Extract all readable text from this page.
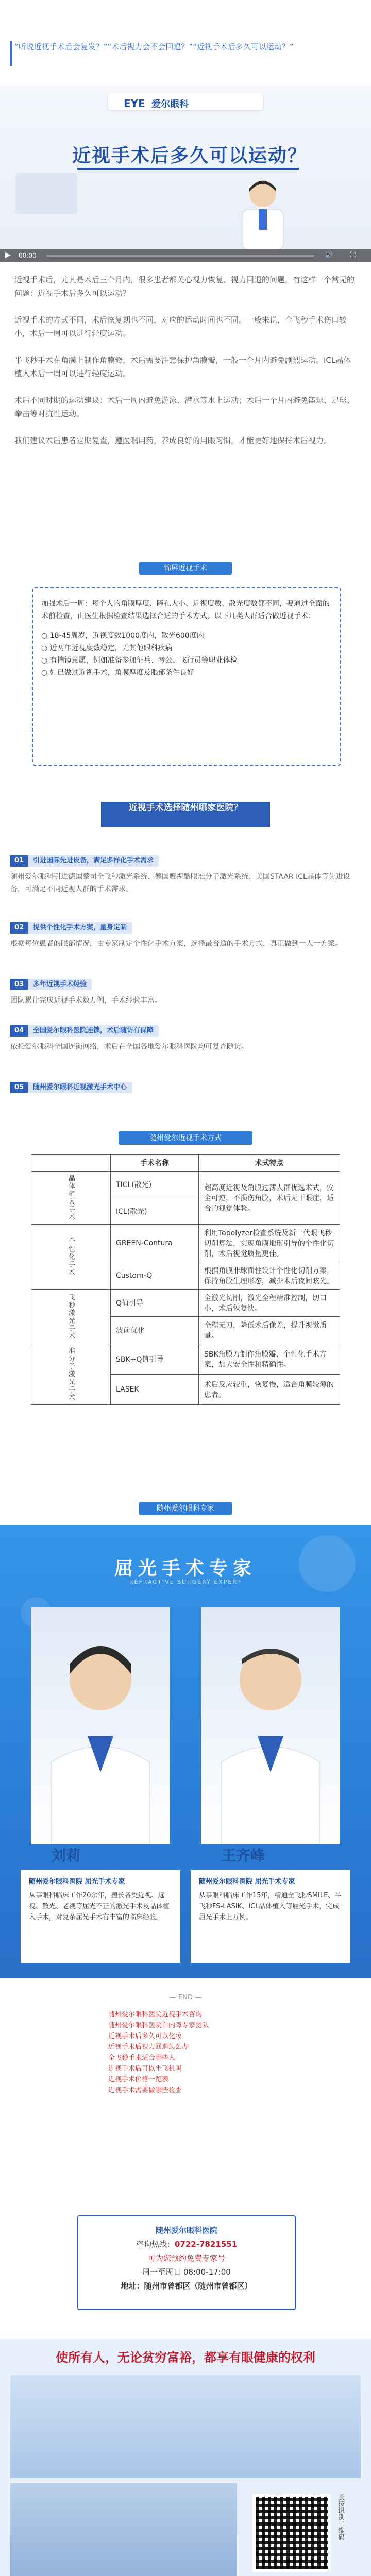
“听说近视手术后会复发？”“术后视力会不会回退？”“近视手术后多久可以运动？”
EYE 爱尔眼科
近视手术后多久可以运动？
▶ 00:00	🔊 ⛶

近视手术后，尤其是术后三个月内，很多患者都关心视力恢复、视力回退的问题，有这样一个常见的问题：近视手术后多久可以运动？

近视手术的方式不同，术后恢复期也不同，对应的运动时间也不同。一般来说，全飞秒手术伤口较小，术后一周可以进行轻度运动。

半飞秒手术在角膜上制作角膜瓣，术后需要注意保护角膜瓣，一般一个月内避免剧烈运动。ICL晶体植入术后一周可以进行轻度运动。

术后不同时期的运动建议：术后一周内避免游泳、潜水等水上运动；术后一个月内避免篮球、足球、拳击等对抗性运动。

我们建议术后患者定期复查，遵医嘱用药，养成良好的用眼习惯，才能更好地保持术后视力。

锦屏近视手术
加强术后一周：每个人的角膜厚度、瞳孔大小、近视度数、散光度数都不同，要通过全面的术前检查，由医生根据检查结果选择合适的手术方式。以下几类人群适合做近视手术：
○ 18-45周岁，近视度数1000度内，散光600度内
○ 近两年近视度数稳定，无其他眼科疾病
○ 有摘镜意愿，例如准备参加征兵、考公、飞行员等职业体检
○ 如已做过近视手术，角膜厚度及眼部条件良好
近视手术选择随州哪家医院？
01	引进国际先进设备，满足多样化手术需求

随州爱尔眼科引进德国蔡司全飞秒激光系统、德国鹰视酷眼准分子激光系统、美国STAAR ICL晶体等先进设备，可满足不同近视人群的手术需求。

02	提供个性化手术方案，量身定制

根据每位患者的眼部情况，由专家制定个性化手术方案，选择最合适的手术方式，真正做到一人一方案。

03	多年近视手术经验

团队累计完成近视手术数万例，手术经验丰富。

04	全国爱尔眼科医院连锁，术后随访有保障

依托爱尔眼科全国连锁网络，术后在全国各地爱尔眼科医院均可复查随访。

05	随州爱尔眼科近视激光手术中心
随州爱尔近视手术方式
	手术名称	术式特点
晶体植入手术	TICL(散光)	超高度近视及角膜过薄人群优选术式，安全可逆，不损伤角膜，术后无干眼症，适合的视觉体验。
	ICL(散光)	
个性化手术	GREEN-Contura	利用Topolyzer检查系统及新一代眼飞秒切削算法，实现角膜地形引导的个性化切削，术后视觉质量更佳。
	Custom-Q	根据角膜非球面性设计个性化切削方案，保持角膜生理形态，减少术后夜间眩光。
飞秒激光手术	Q值引导	全激光切削，激光全程精准控制，切口小，术后恢复快。
	波前优化	全程无刀，降低术后像差，提升视觉质量。
准分子激光手术	SBK+Q值引导	SBK角膜刀制作角膜瓣，个性化手术方案，加大安全性和精确性。
	LASEK	术后反应较重，恢复慢，适合角膜较薄的患者。
随州爱尔眼科专家
屈光手术专家
REFRACTIVE SURGERY EXPERT
刘莉
随州爱尔眼科医院 屈光手术专家
从事眼科临床工作20余年，擅长各类近视、远视、散光、老视等屈光不正的激光手术及晶体植入手术，对复杂屈光手术有丰富的临床经验。
王齐峰
随州爱尔眼科医院 屈光手术专家
从事眼科临床工作15年，精通全飞秒SMILE、半飞秒FS-LASIK、ICL晶体植入等屈光手术，完成屈光手术上万例。
— END —
随州爱尔眼科医院近视手术咨询
随州爱尔眼科医院白内障专家团队
近视手术后多久可以化妆
近视手术后视力回退怎么办
全飞秒手术适合哪些人
近视手术后可以坐飞机吗
近视手术价格一览表
近视手术需要做哪些检查

随州爱尔眼科医院

咨询热线：0722-7821551

可为您预约免费专家号

周一至周日 08:00-17:00

地址：随州市曾都区（随州市曾都区）

使所有人，无论贫穷富裕，都享有眼健康的权利
长按识别二维码
